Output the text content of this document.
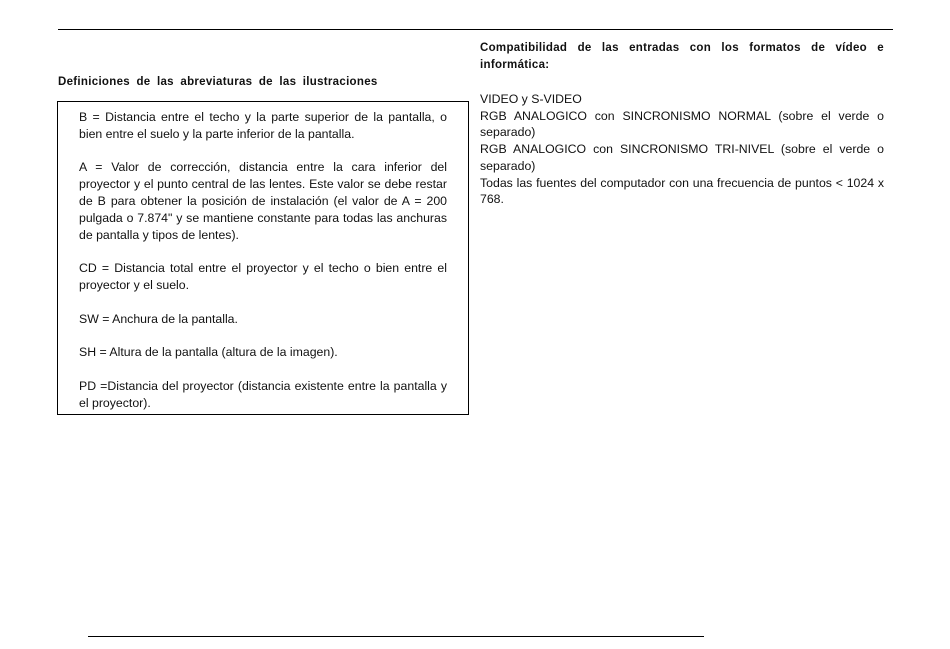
Definiciones de las abreviaturas de las ilustraciones

B = Distancia entre el techo y la parte superior de la pantalla, o bien entre el suelo y la parte inferior de la pantalla.

A = Valor de corrección, distancia entre la cara inferior del proyector y el punto central de las lentes. Este valor se debe restar de B para obtener la posición de instalación (el valor de A = 200 pulgada o 7.874" y se mantiene constante para todas las anchuras de pantalla y tipos de lentes).

CD = Distancia total entre el proyector y el techo o bien entre el proyector y el suelo.

SW = Anchura de la pantalla.

SH = Altura de la pantalla (altura de la imagen).

PD =Distancia del proyector (distancia existente entre la pantalla y el proyector).

Compatibilidad de las entradas con los formatos de vídeo e informática:

VIDEO y S-VIDEO

RGB ANALOGICO con SINCRONISMO NORMAL (sobre el verde o separado)

RGB ANALOGICO con SINCRONISMO TRI-NIVEL (sobre el verde o separado)

Todas las fuentes del computador con una frecuencia de puntos < 1024 x 768.
